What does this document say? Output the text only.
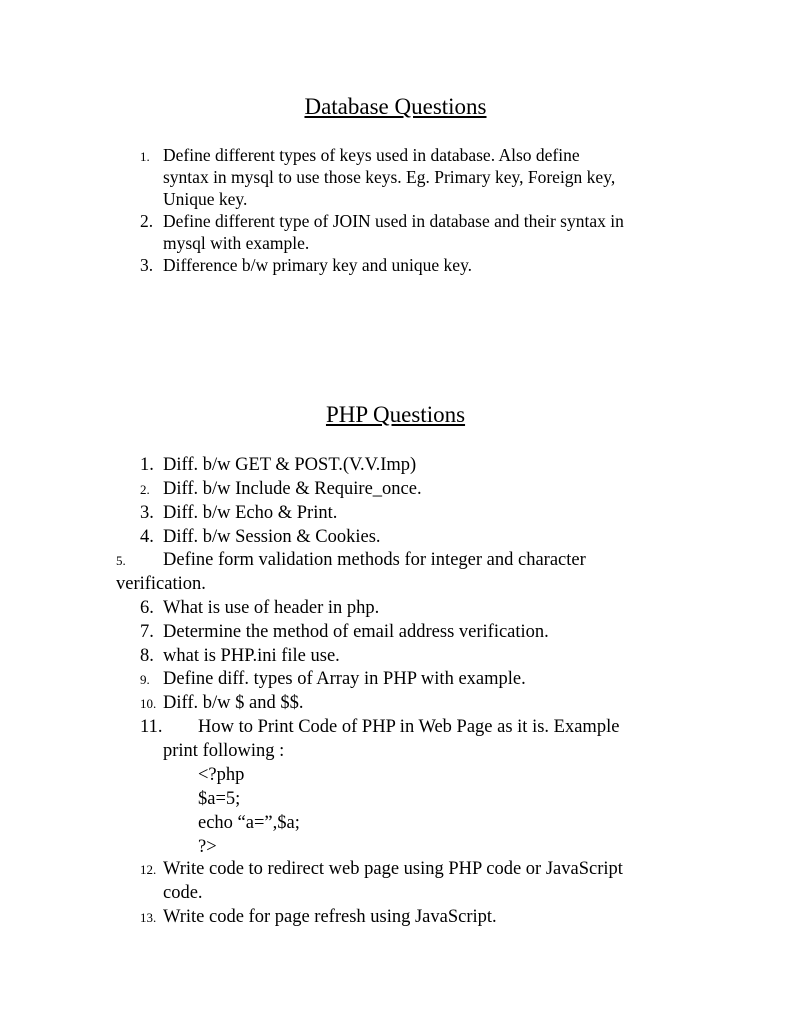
Database Questions
1. Define different types of keys used in database. Also define
syntax in mysql to use those keys. Eg. Primary key, Foreign key,
Unique key.
2. Define different type of JOIN used in database and their syntax in
mysql with example.
3. Difference b/w primary key and unique key.
PHP Questions
1. Diff. b/w GET & POST.(V.V.Imp)
2. Diff. b/w Include & Require_once.
3. Diff. b/w Echo & Print.
4. Diff. b/w Session & Cookies.
5. Define form validation methods for integer and character
verification.
6. What is use of header in php.
7. Determine the method of email address verification.
8. what is PHP.ini file use.
9. Define diff. types of Array in PHP with example.
10. Diff. b/w $ and $$.
11. How to Print Code of PHP in Web Page as it is. Example
print following :
<?php
$a=5;
echo “a=”,$a;
?>
12. Write code to redirect web page using PHP code or JavaScript
code.
13. Write code for page refresh using JavaScript.
